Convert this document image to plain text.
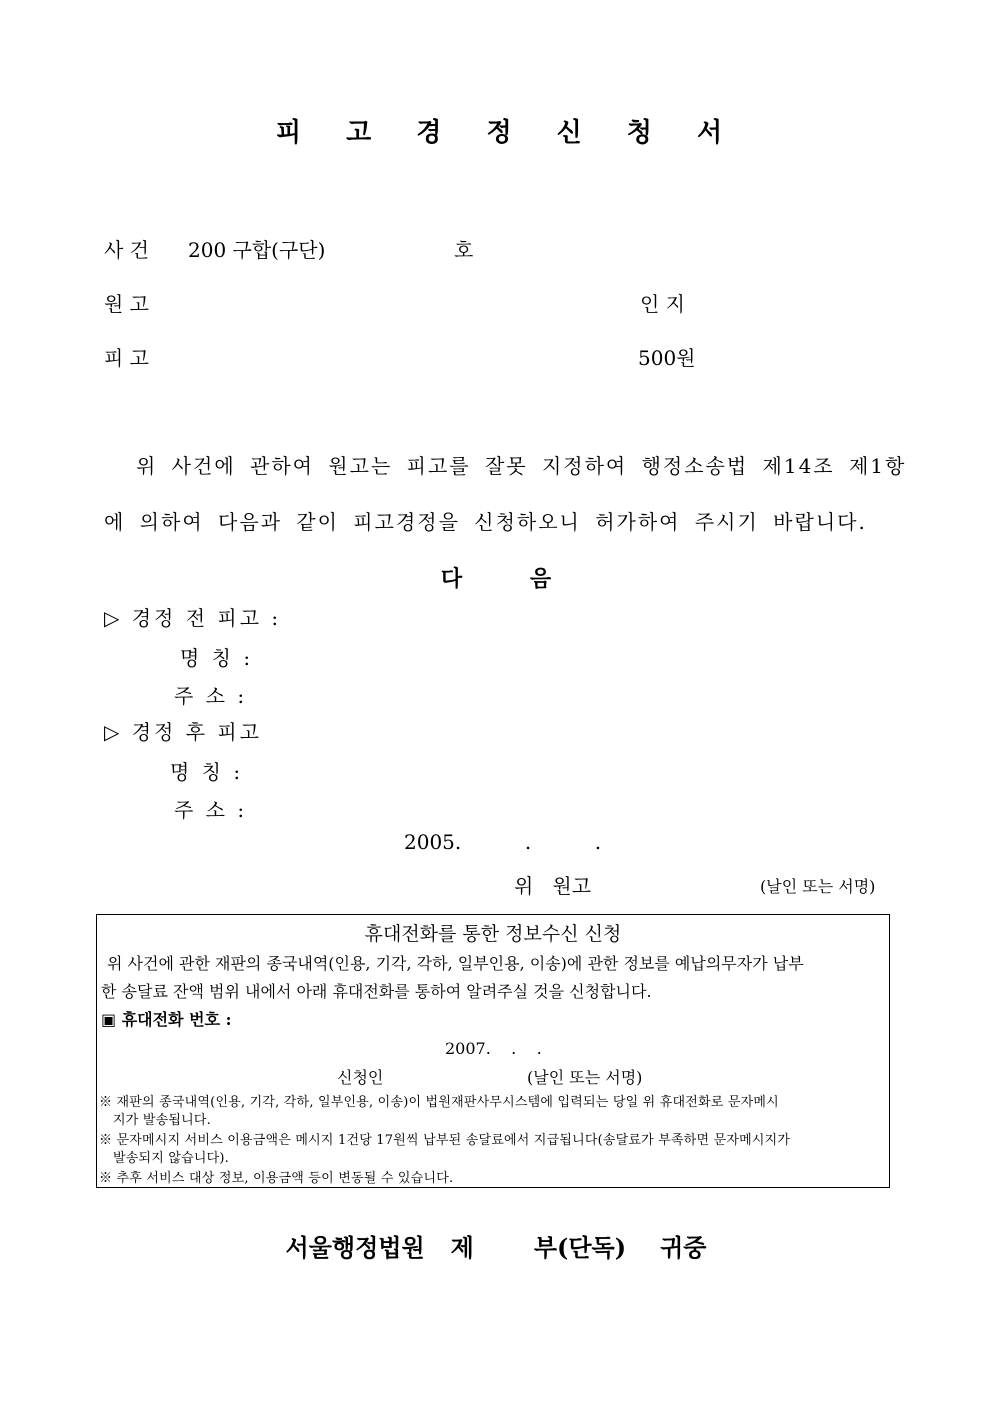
피 고 경 정 신 청 서
사 건 200 구합(구단)	호
원 고	인 지
피 고	500원
위 사건에 관하여 원고는 피고를 잘못 지정하여 행정소송법 제14조 제1항
에 의하여 다음과 같이 피고경정을 신청하오니 허가하여 주시기 바랍니다.
다 음
▷ 경정 전 피고 :
명 칭 :
주 소 :
▷ 경정 후 피고
명 칭 :
주 소 :
2005.          .          .
위   원고	(날인 또는 서명)
휴대전화를 통한 정보수신 신청
위 사건에 관한 재판의 종국내역(인용, 기각, 각하, 일부인용, 이송)에 관한 정보를 예납의무자가 납부
한 송달료 잔액 범위 내에서 아래 휴대전화를 통하여 알려주실 것을 신청합니다.
▣ 휴대전화 번호 :
2007.    .    .
신청인	(날인 또는 서명)
※ 재판의 종국내역(인용, 기각, 각하, 일부인용, 이송)이 법원재판사무시스템에 입력되는 당일 위 휴대전화로 문자메시
지가 발송됩니다.
※ 문자메시지 서비스 이용금액은 메시지 1건당 17원씩 납부된 송달료에서 지급됩니다(송달료가 부족하면 문자메시지가
발송되지 않습니다).
※ 추후 서비스 대상 정보, 이용금액 등이 변동될 수 있습니다.
서울행정법원 제	부(단독) 귀중
